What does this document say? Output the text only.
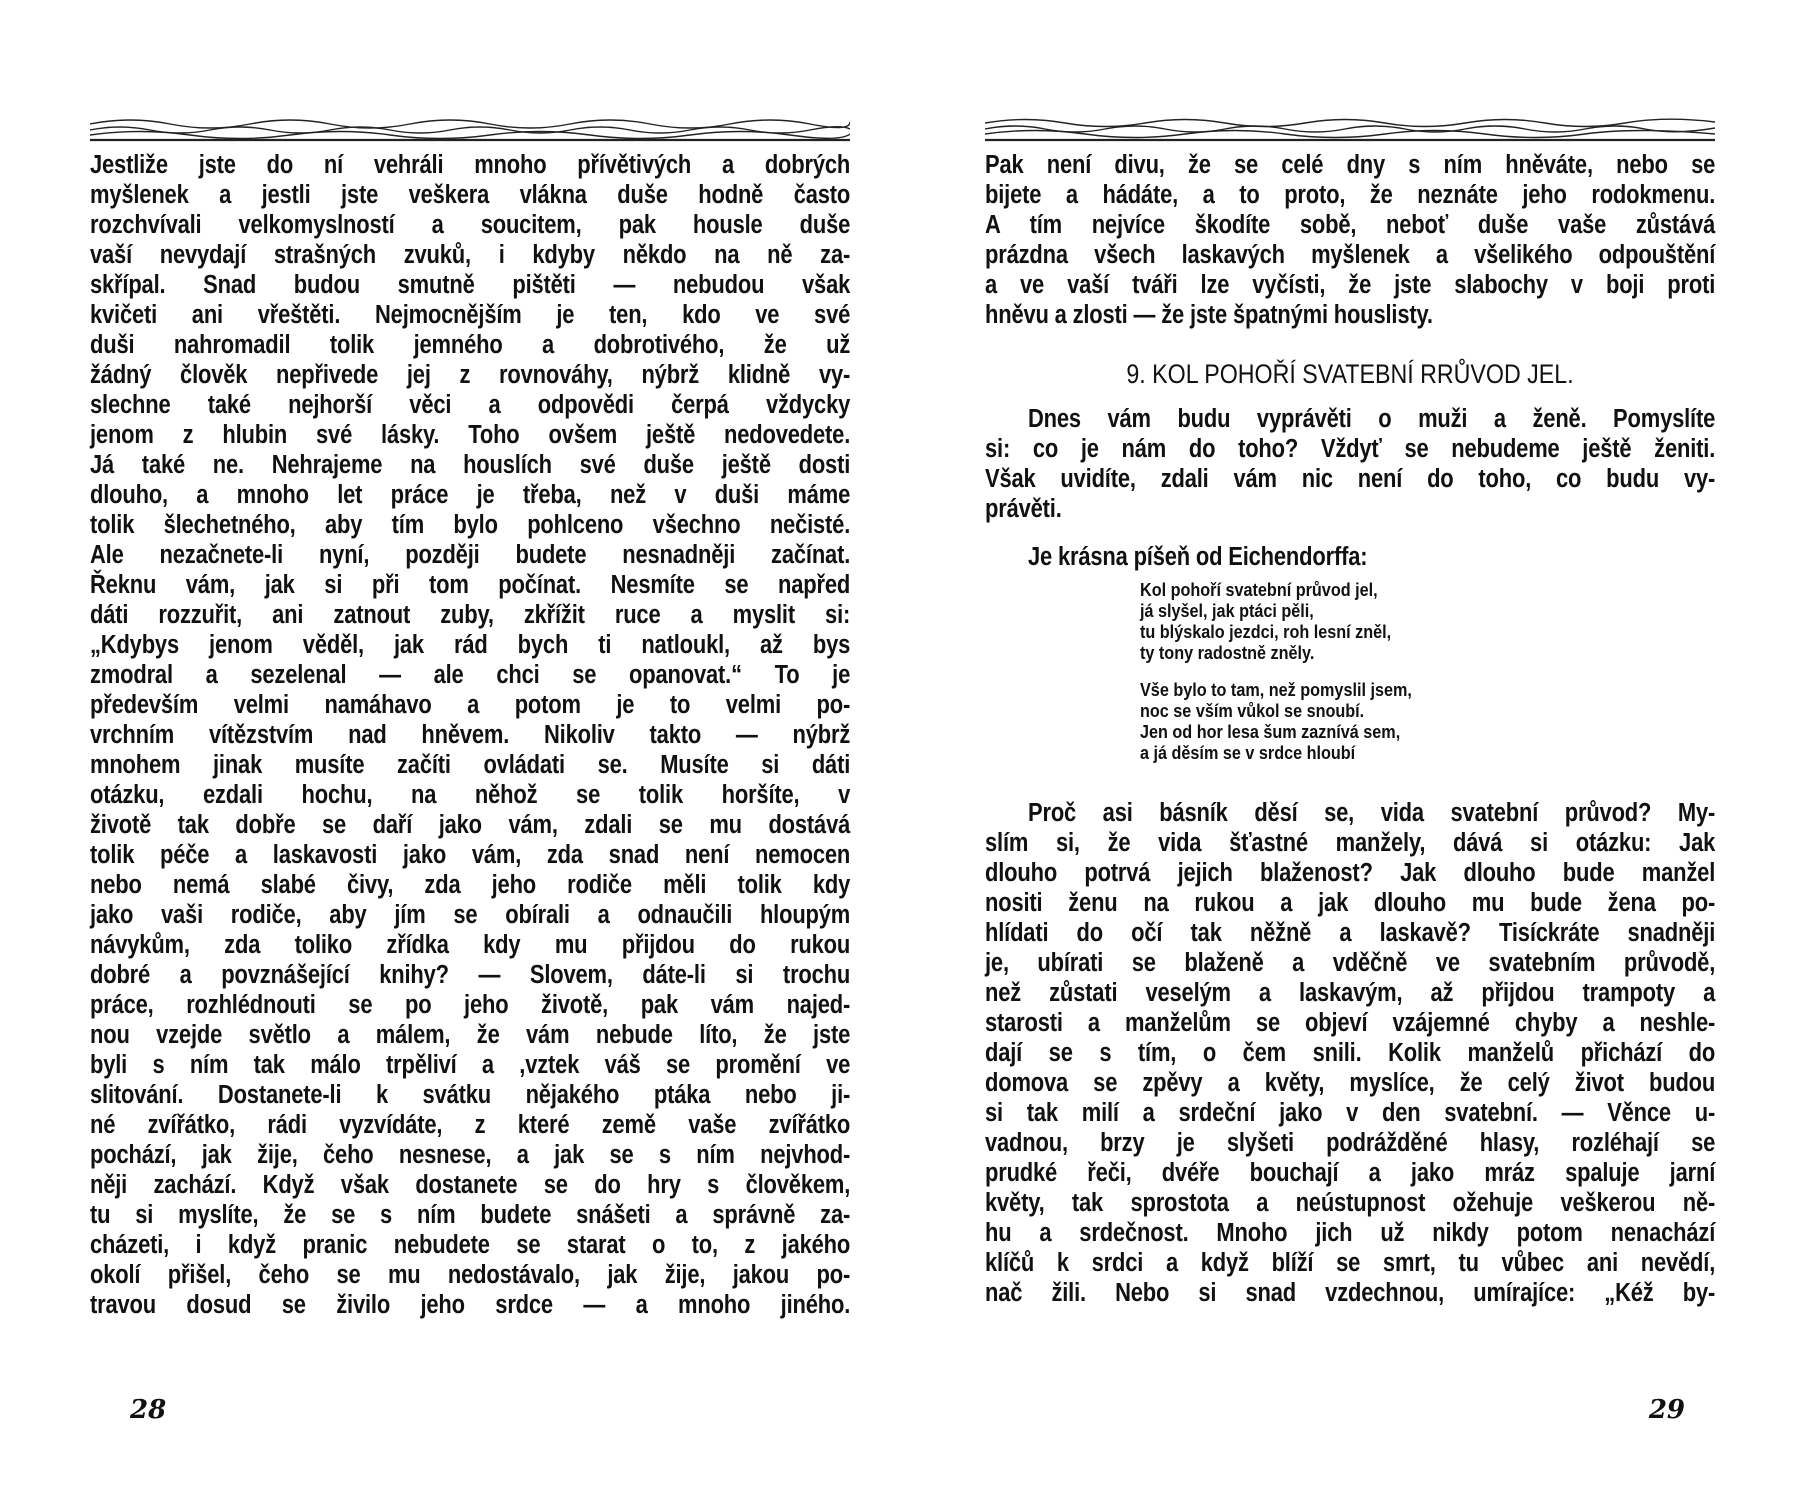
Jestliže jste do ní vehráli mnoho přívětivých a dobrých
myšlenek a jestli jste veškera vlákna duše hodně často
rozchvívali velkomyslností a soucitem, pak housle duše
vaší nevydají strašných zvuků, i kdyby někdo na ně za-
skřípal. Snad budou smutně pištěti — nebudou však
kvičeti ani vřeštěti. Nejmocnějším je ten, kdo ve své
duši nahromadil tolik jemného a dobrotivého, že už
žádný člověk nepřivede jej z rovnováhy, nýbrž klidně vy-
slechne také nejhorší věci a odpovědi čerpá vždycky
jenom z hlubin své lásky. Toho ovšem ještě nedovedete.
Já také ne. Nehrajeme na houslích své duše ještě dosti
dlouho, a mnoho let práce je třeba, než v duši máme
tolik šlechetného, aby tím bylo pohlceno všechno nečisté.
Ale nezačnete-li nyní, později budete nesnadněji začínat.
Řeknu vám, jak si při tom počínat. Nesmíte se napřed
dáti rozzuřit, ani zatnout zuby, zkřížit ruce a myslit si:
„Kdybys jenom věděl, jak rád bych ti natloukl, až bys
zmodral a sezelenal — ale chci se opanovat.“ To je
především velmi namáhavo a potom je to velmi po-
vrchním vítězstvím nad hněvem. Nikoliv takto — nýbrž
mnohem jinak musíte začíti ovládati se. Musíte si dáti
otázku, ezdali hochu, na něhož se tolik horšíte, v
životě tak dobře se daří jako vám, zdali se mu dostává
tolik péče a laskavosti jako vám, zda snad není nemocen
nebo nemá slabé čivy, zda jeho rodiče měli tolik kdy
jako vaši rodiče, aby jím se obírali a odnaučili hloupým
návykům, zda toliko zřídka kdy mu přijdou do rukou
dobré a povznášející knihy? — Slovem, dáte-li si trochu
práce, rozhlédnouti se po jeho životě, pak vám najed-
nou vzejde světlo a málem, že vám nebude líto, že jste
byli s ním tak málo trpěliví a ,vztek váš se promění ve
slitování. Dostanete-li k svátku nějakého ptáka nebo ji-
né zvířátko, rádi vyzvídáte, z které země vaše zvířátko
pochází, jak žije, čeho nesnese, a jak se s ním nejvhod-
něji zachází. Když však dostanete se do hry s člověkem,
tu si myslíte, že se s ním budete snášeti a správně za-
cházeti, i když pranic nebudete se starat o to, z jakého
okolí přišel, čeho se mu nedostávalo, jak žije, jakou po-
travou dosud se živilo jeho srdce — a mnoho jiného.
28
Pak není divu, že se celé dny s ním hněváte, nebo se
bijete a hádáte, a to proto, že neznáte jeho rodokmenu.
A tím nejvíce škodíte sobě, neboť duše vaše zůstává
prázdna všech laskavých myšlenek a všelikého odpouštění
a ve vaší tváři lze vyčísti, že jste slabochy v boji proti
hněvu a zlosti — že jste špatnými houslisty.
9. KOL POHOŘÍ SVATEBNÍ RRŮVOD JEL.
Dnes vám budu vyprávěti o muži a ženě. Pomyslíte
si: co je nám do toho? Vždyť se nebudeme ještě ženiti.
Však uvidíte, zdali vám nic není do toho, co budu vy-
právěti.
Je krásna píšeň od Eichendorffa:
Kol pohoří svatební průvod jel,
já slyšel, jak ptáci pěli,
tu blýskalo jezdci, roh lesní zněl,
ty tony radostně zněly.
Vše bylo to tam, než pomyslil jsem,
noc se vším vůkol se snoubí.
Jen od hor lesa šum zaznívá sem,
a já děsím se v srdce hloubí
Proč asi básník děsí se, vida svatební průvod? My-
slím si, že vida šťastné manžely, dává si otázku: Jak
dlouho potrvá jejich blaženost? Jak dlouho bude manžel
nositi ženu na rukou a jak dlouho mu bude žena po-
hlídati do očí tak něžně a laskavě? Tisíckráte snadněji
je, ubírati se blaženě a vděčně ve svatebním průvodě,
než zůstati veselým a laskavým, až přijdou trampoty a
starosti a manželům se objeví vzájemné chyby a neshle-
dají se s tím, o čem snili. Kolik manželů přichází do
domova se zpěvy a květy, myslíce, že celý život budou
si tak milí a srdeční jako v den svatební. — Věnce u-
vadnou, brzy je slyšeti podrážděné hlasy, rozléhají se
prudké řeči, dvéře bouchají a jako mráz spaluje jarní
květy, tak sprostota a neústupnost ožehuje veškerou ně-
hu a srdečnost. Mnoho jich už nikdy potom nenachází
klíčů k srdci a když blíží se smrt, tu vůbec ani nevědí,
nač žili. Nebo si snad vzdechnou, umírajíce: „Kéž by-
29
